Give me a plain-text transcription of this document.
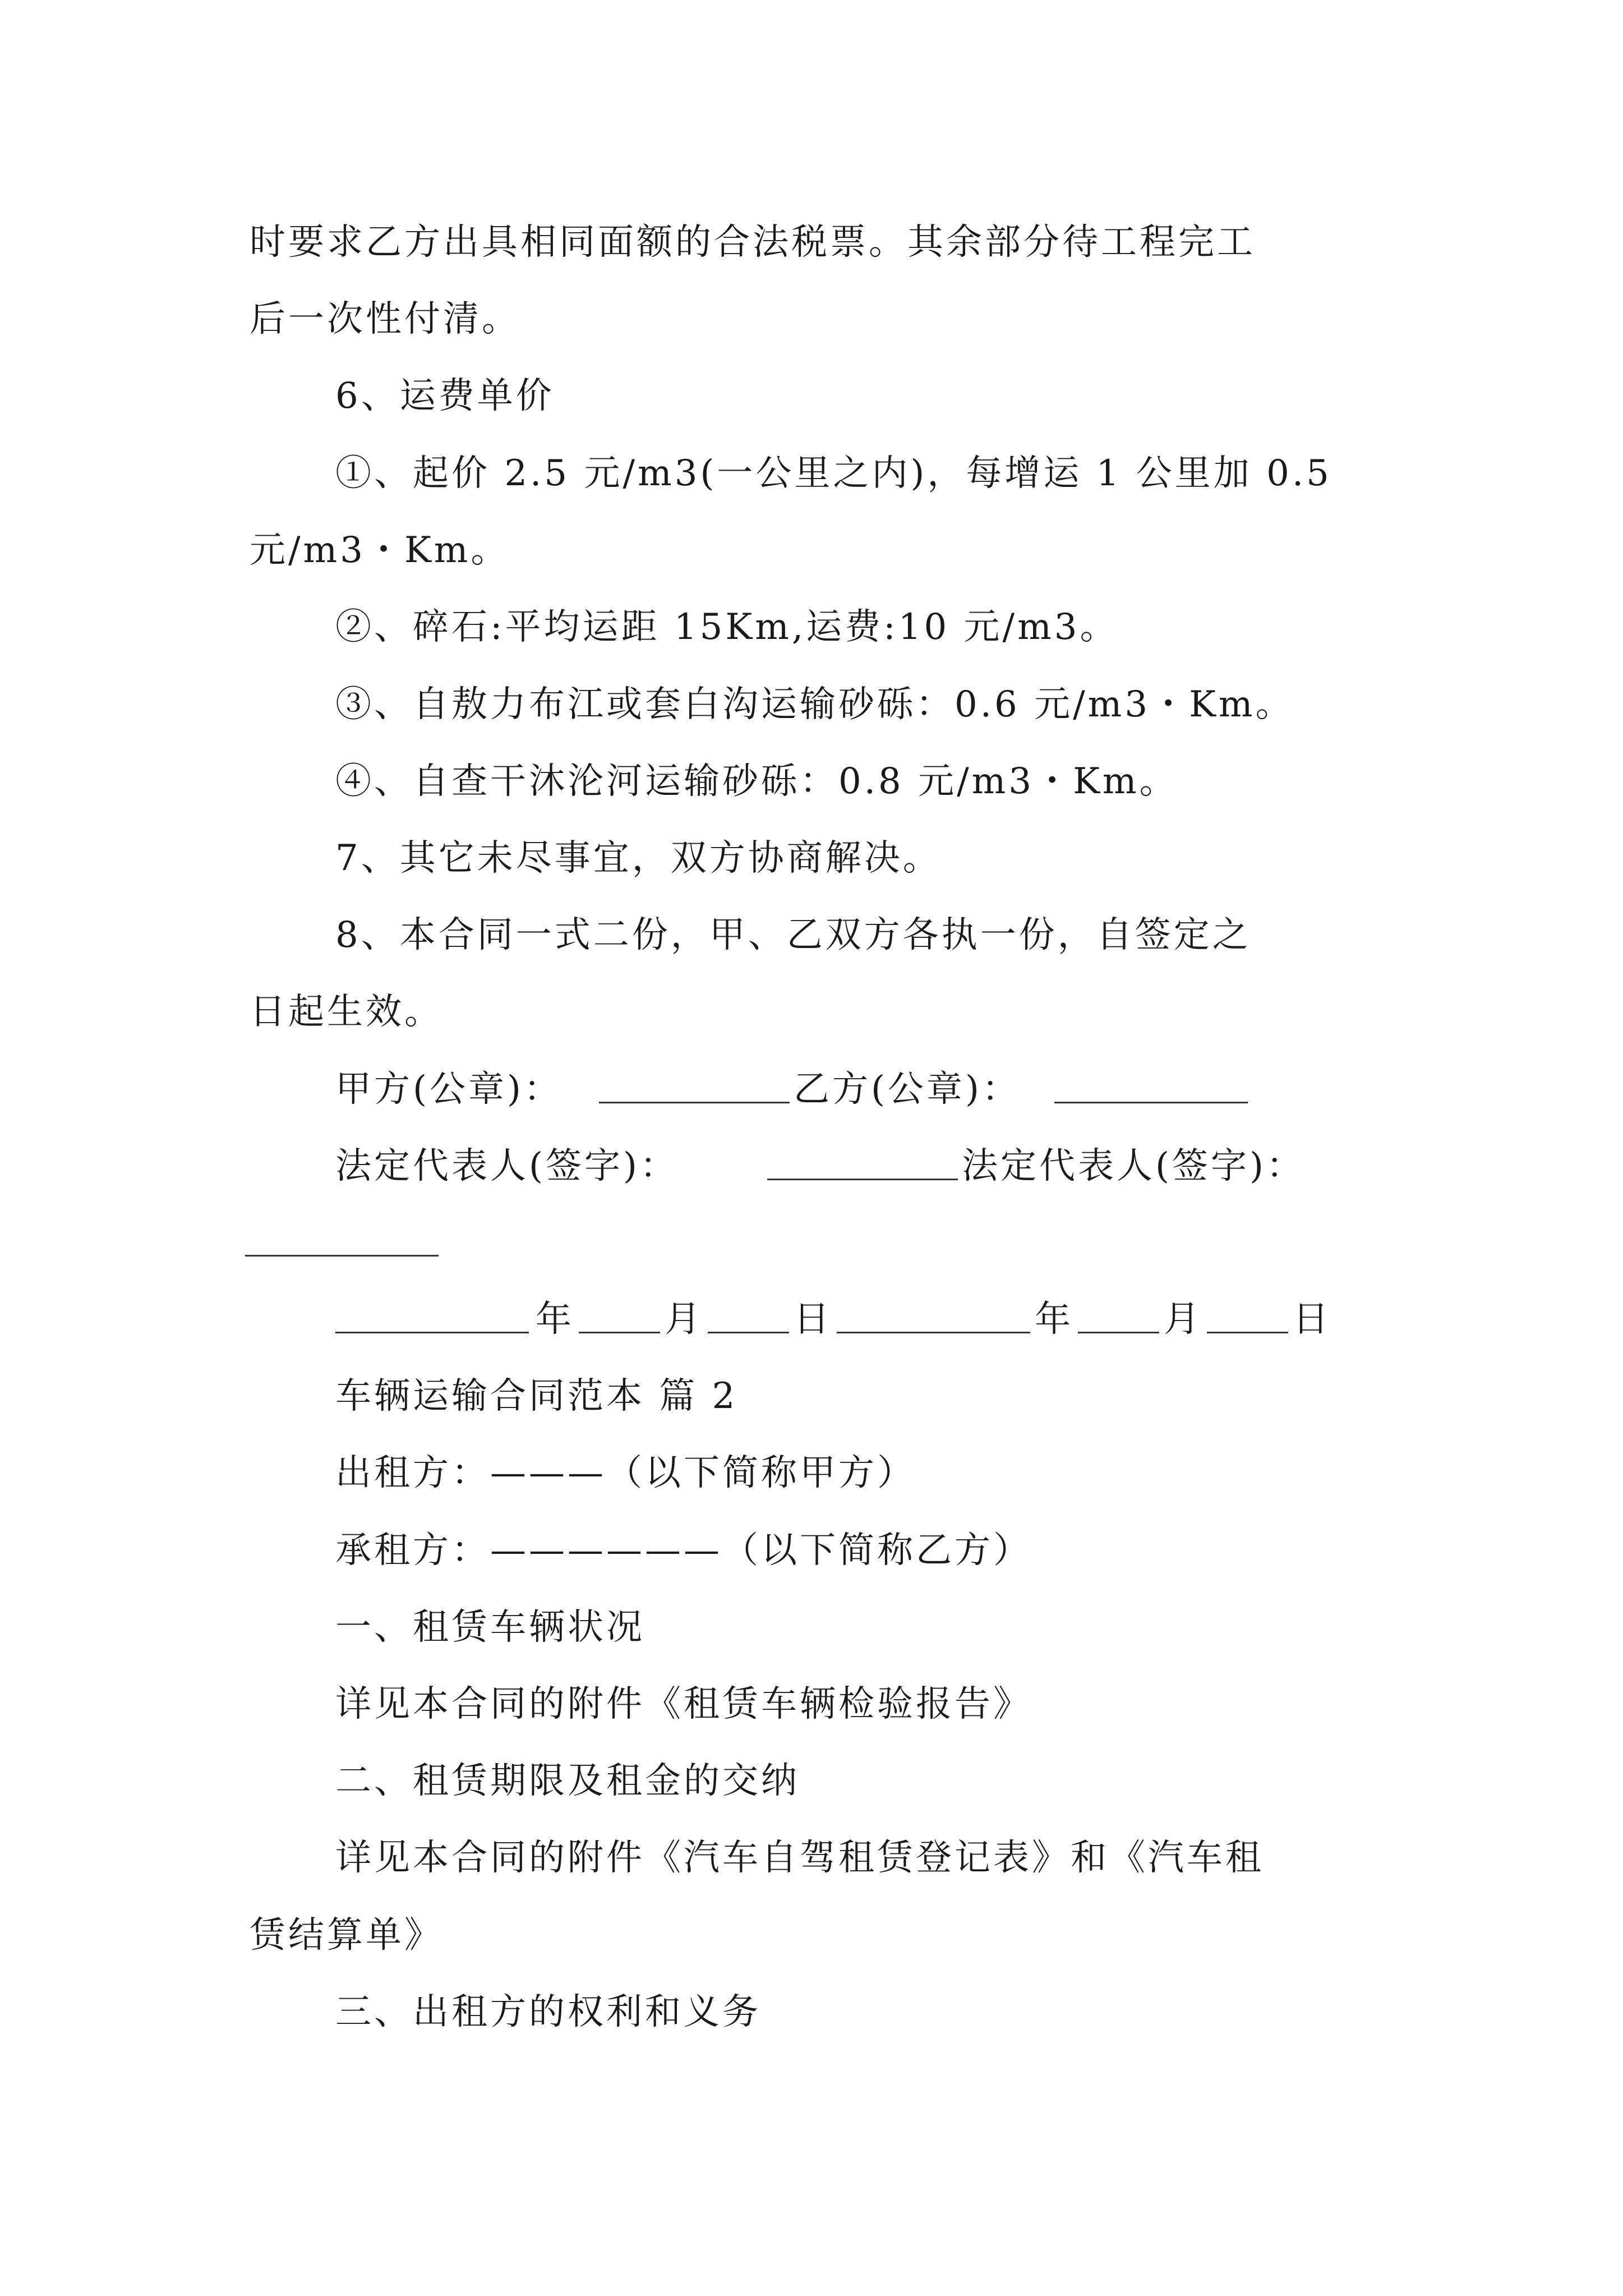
时要求乙方出具相同面额的合法税票。其余部分待工程完工
后一次性付清。
6、运费单价
①、起价 2.5 元/m3(一公里之内)，每增运 1 公里加 0.5
元/m3・Km。
②、碎石:平均运距 15Km,运费:10 元/m3。
③、自敖力布江或套白沟运输砂砾：0.6 元/m3・Km。
④、自查干沐沦河运输砂砾：0.8 元/m3・Km。
7、其它未尽事宜，双方协商解决。
8、本合同一式二份，甲、乙双方各执一份，自签定之
日起生效。
甲方(公章)：	乙方(公章)：
法定代表人(签字)：	法定代表人(签字)：
年	月	日	年	月	日
车辆运输合同范本 篇 2
出租方：———（以下简称甲方）
承租方：——————（以下简称乙方）
一、租赁车辆状况
详见本合同的附件《租赁车辆检验报告》
二、租赁期限及租金的交纳
详见本合同的附件《汽车自驾租赁登记表》和《汽车租
赁结算单》
三、出租方的权利和义务
